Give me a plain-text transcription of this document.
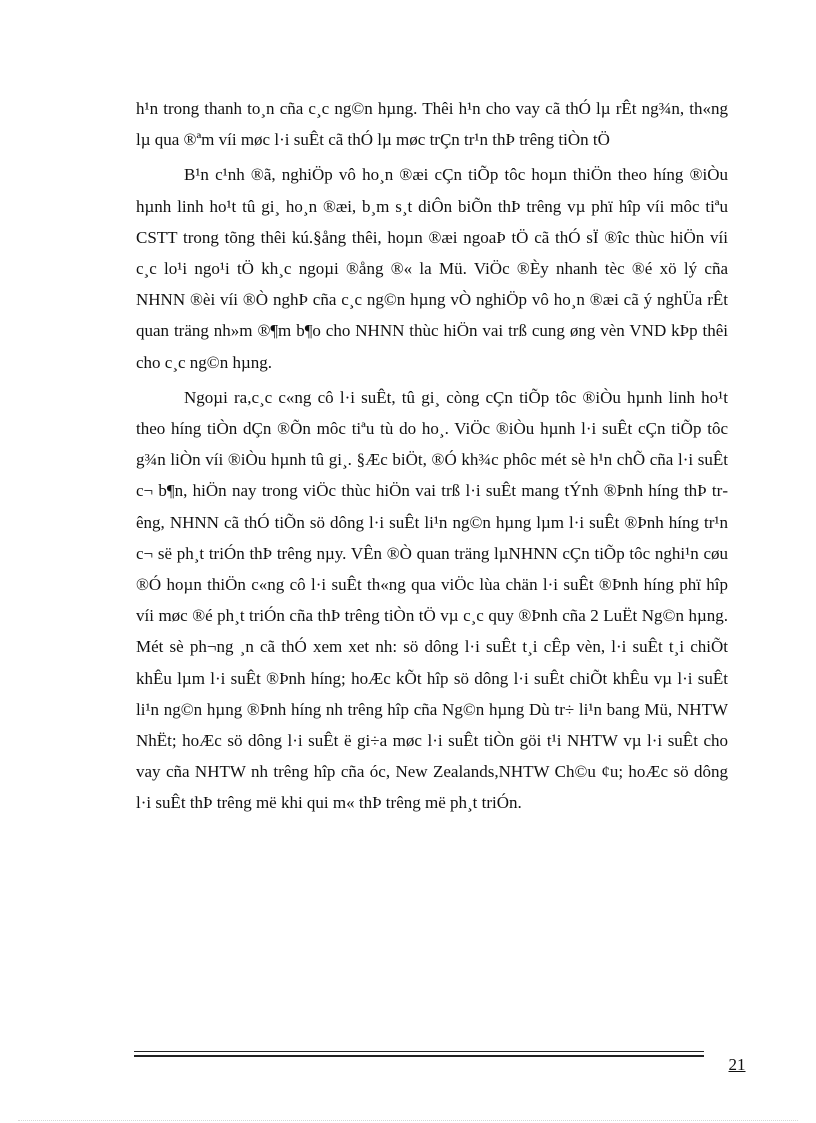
h¹n trong thanh to¸n cña c¸c ng©n hµng. Thêi h¹n cho vay cã thÓ lµ rÊt ng¾n, th«ng lµ qua ®ªm víi møc l·i suÊt cã thÓ lµ møc trÇn tr¹n thÞ trêng tiÒn tÖ

B¹n c¹nh ®ã, nghiÖp vô ho¸n ®æi cÇn tiÕp tôc hoµn thiÖn theo híng ®iÒu hµnh linh ho¹t tû gi¸ ho¸n ®æi, b¸m s¸t diÔn biÕn thÞ trêng vµ phï hîp víi môc tiªu CSTT trong tõng thêi kú.§ång thêi, hoµn ®æi ngoaÞ tÖ cã thÓ sÏ ®îc thùc hiÖn víi c¸c lo¹i ngo¹i tÖ kh¸c ngoµi ®ång ®« la Mü. ViÖc ®Èy nhanh tèc ®é xö lý cña NHNN ®èi víi ®Ò nghÞ cña c¸c ng©n hµng vÒ nghiÖp vô ho¸n ®æi cã ý nghÜa rÊt quan träng nh»m ®¶m b¶o cho NHNN thùc hiÖn vai trß cung øng vèn VND kÞp thêi cho c¸c ng©n hµng.

Ngoµi ra,c¸c c«ng cô l·i suÊt, tû gi¸ còng cÇn tiÕp tôc ®iÒu hµnh linh ho¹t theo híng tiÒn dÇn ®Õn môc tiªu tù do ho¸. ViÖc ®iÒu hµnh l·i suÊt cÇn tiÕp tôc g¾n liÒn víi ®iÒu hµnh tû gi¸. §Æc biÖt, ®Ó kh¾c phôc mét sè h¹n chÕ cña l·i suÊt c¬ b¶n, hiÖn nay trong viÖc thùc hiÖn vai trß l·i suÊt mang tÝnh ®Þnh híng thÞ trêng, NHNN cã thÓ tiÕn sö dông l·i suÊt li¹n ng©n hµng lµm l·i suÊt ®Þnh híng tr¹n c¬ së ph¸t triÓn thÞ trêng nµy. VÊn ®Ò quan träng lµNHNN cÇn tiÕp tôc nghi¹n cøu ®Ó hoµn thiÖn c«ng cô l·i suÊt th«ng qua viÖc lùa chän l·i suÊt ®Þnh híng phï hîp víi møc ®é ph¸t triÓn cña thÞ trêng tiÒn tÖ vµ c¸c quy ®Þnh cña 2 LuËt Ng©n hµng. Mét sè ph¬ng ¸n cã thÓ xem xet nh: sö dông l·i suÊt t¸i cÊp vèn, l·i suÊt t¸i chiÕt khÊu lµm l·i suÊt ®Þnh híng; hoÆc kÕt hîp sö dông l·i suÊt chiÕt khÊu vµ l·i suÊt li¹n ng©n hµng ®Þnh híng nh trêng hîp cña Ng©n hµng Dù tr÷ li¹n bang Mü, NHTW NhËt; hoÆc sö dông l·i suÊt ë gi÷a møc l·i suÊt tiÒn göi t¹i NHTW vµ l·i suÊt cho vay cña NHTW nh trêng hîp cña óc, New Zealands,NHTW Ch©u ¢u; hoÆc sö dông l·i suÊt thÞ trêng më khi qui m« thÞ trêng më ph¸t triÓn.

21
